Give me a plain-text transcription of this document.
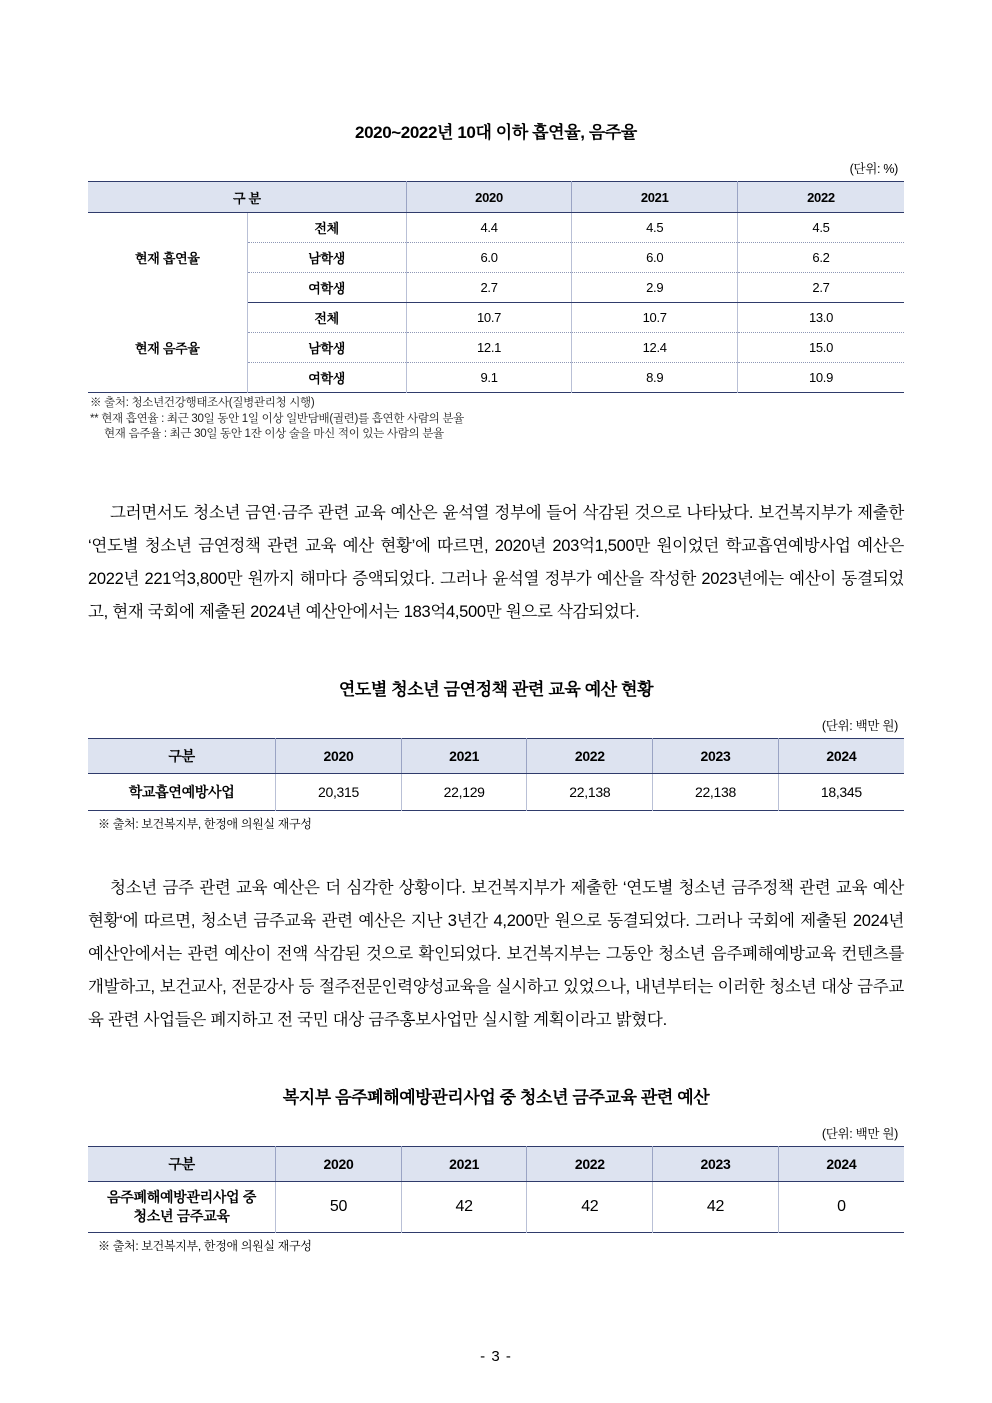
2020~2022년 10대 이하 흡연율, 음주율
(단위: %)
구 분		2020	2021	2022
현재 흡연율	전체	4.4	4.5	4.5
	남학생	6.0	6.0	6.2
	여학생	2.7	2.9	2.7
현재 음주율	전체	10.7	10.7	13.0
	남학생	12.1	12.4	15.0
	여학생	9.1	8.9	10.9
※ 출처: 청소년건강행태조사(질병관리청 시행)
** 현재 흡연율 : 최근 30일 동안 1일 이상 일반담배(궐련)를 흡연한 사람의 분율
현재 음주율 : 최근 30일 동안 1잔 이상 술을 마신 적이 있는 사람의 분율

그러면서도 청소년 금연·금주 관련 교육 예산은 윤석열 정부에 들어 삭감된 것으로 나타났다. 보건복지부가 제출한 ‘연도별 청소년 금연정책 관련 교육 예산 현황’에 따르면, 2020년 203억1,500만 원이었던 학교흡연예방사업 예산은 2022년 221억3,800만 원까지 해마다 증액되었다. 그러나 윤석열 정부가 예산을 작성한 2023년에는 예산이 동결되었고, 현재 국회에 제출된 2024년 예산안에서는 183억4,500만 원으로 삭감되었다.

연도별 청소년 금연정책 관련 교육 예산 현황
(단위: 백만 원)
구분	2020	2021	2022	2023	2024
학교흡연예방사업	20,315	22,129	22,138	22,138	18,345
※ 출처: 보건복지부, 한정애 의원실 재구성

청소년 금주 관련 교육 예산은 더 심각한 상황이다. 보건복지부가 제출한 ‘연도별 청소년 금주정책 관련 교육 예산 현황‘에 따르면, 청소년 금주교육 관련 예산은 지난 3년간 4,200만 원으로 동결되었다. 그러나 국회에 제출된 2024년 예산안에서는 관련 예산이 전액 삭감된 것으로 확인되었다. 보건복지부는 그동안 청소년 음주폐해예방교육 컨텐츠를 개발하고, 보건교사, 전문강사 등 절주전문인력양성교육을 실시하고 있었으나, 내년부터는 이러한 청소년 대상 금주교육 관련 사업들은 폐지하고 전 국민 대상 금주홍보사업만 실시할 계획이라고 밝혔다.

복지부 음주폐해예방관리사업 중 청소년 금주교육 관련 예산
(단위: 백만 원)
구분	2020	2021	2022	2023	2024
음주폐해예방관리사업 중
청소년 금주교육	50	42	42	42	0
※ 출처: 보건복지부, 한정애 의원실 재구성
- 3 -
